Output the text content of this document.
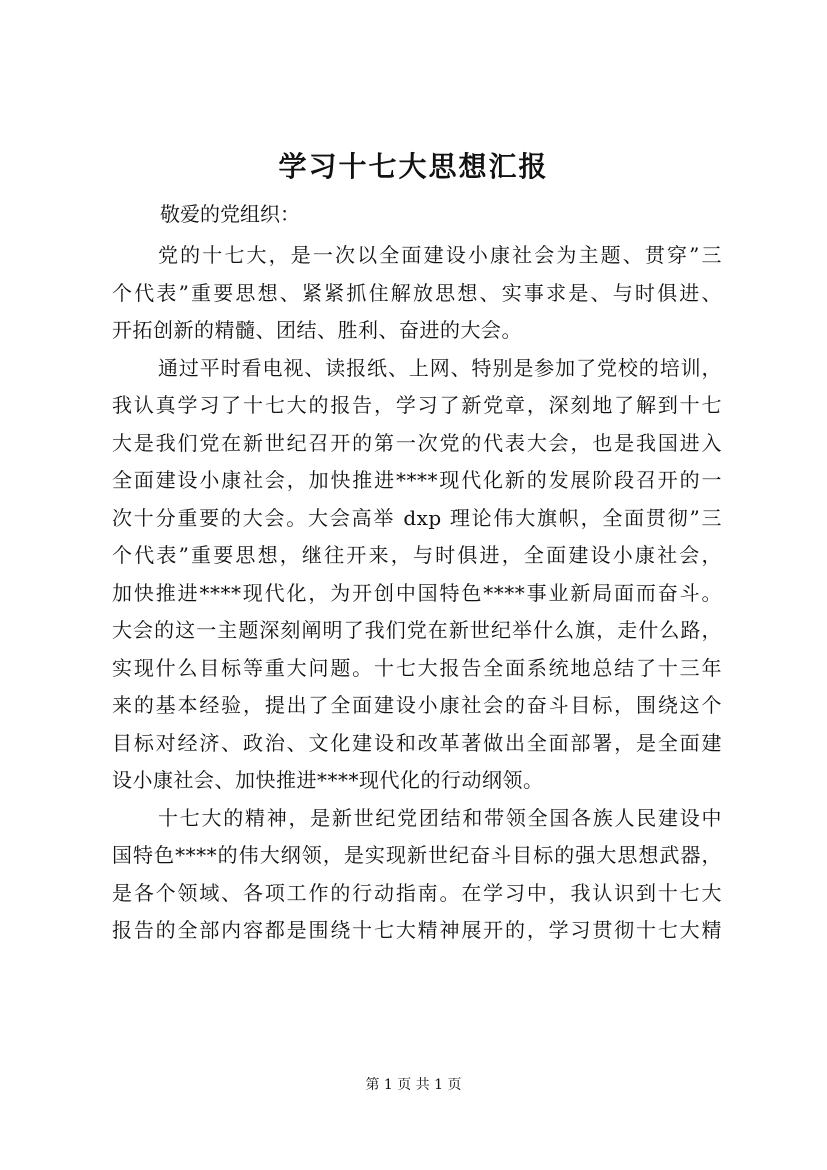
学习十七大思想汇报
敬爱的党组织：
党的十七大，是一次以全面建设小康社会为主题、贯穿”三
个代表”重要思想、紧紧抓住解放思想、实事求是、与时俱进、
开拓创新的精髓、团结、胜利、奋进的大会。
通过平时看电视、读报纸、上网、特别是参加了党校的培训，
我认真学习了十七大的报告，学习了新党章，深刻地了解到十七
大是我们党在新世纪召开的第一次党的代表大会，也是我国进入
全面建设小康社会，加快推进****现代化新的发展阶段召开的一
次十分重要的大会。大会高举 dxp 理论伟大旗帜，全面贯彻”三
个代表”重要思想，继往开来，与时俱进，全面建设小康社会，
加快推进****现代化，为开创中国特色****事业新局面而奋斗。
大会的这一主题深刻阐明了我们党在新世纪举什么旗，走什么路，
实现什么目标等重大问题。十七大报告全面系统地总结了十三年
来的基本经验，提出了全面建设小康社会的奋斗目标，围绕这个
目标对经济、政治、文化建设和改革著做出全面部署，是全面建
设小康社会、加快推进****现代化的行动纲领。
十七大的精神，是新世纪党团结和带领全国各族人民建设中
国特色****的伟大纲领，是实现新世纪奋斗目标的强大思想武器，
是各个领域、各项工作的行动指南。在学习中，我认识到十七大
报告的全部内容都是围绕十七大精神展开的，学习贯彻十七大精
第 1 页 共 1 页
